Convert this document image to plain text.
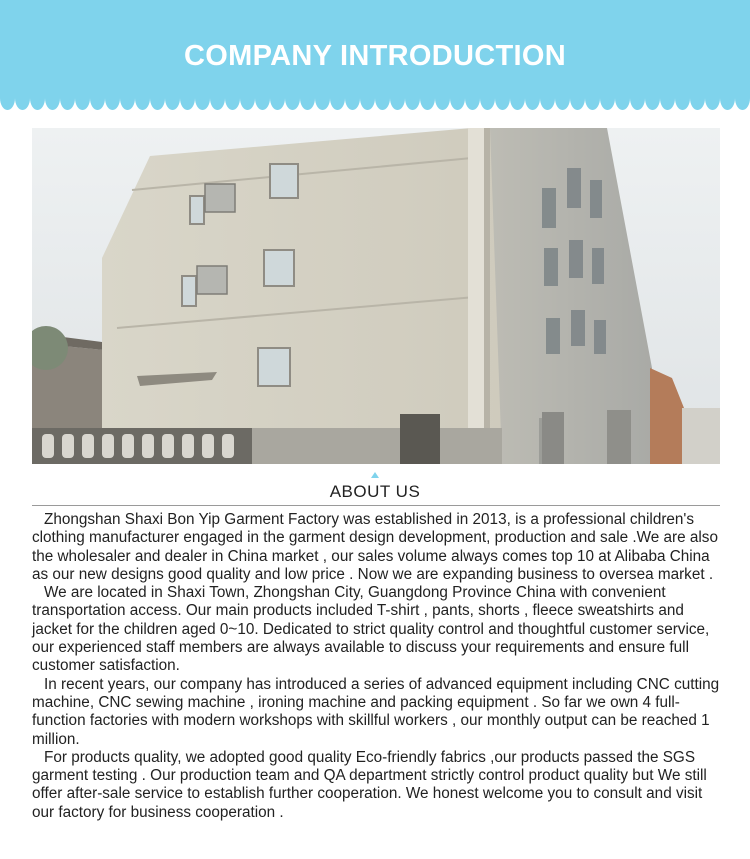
COMPANY INTRODUCTION
ABOUT US

Zhongshan Shaxi Bon Yip Garment Factory was established in 2013, is a professional children's clothing manufacturer engaged in the garment design development, production and sale .We are also the wholesaler and dealer in China market , our sales volume always comes top 10 at Alibaba China as our new designs good quality and low price . Now we are expanding business to oversea market .

We are located in Shaxi Town, Zhongshan City, Guangdong Province China with convenient transportation access. Our main products included T-shirt , pants, shorts , fleece sweatshirts and jacket for the children aged 0~10. Dedicated to strict quality control and thoughtful customer service, our experienced staff members are always available to discuss your requirements and ensure full customer satisfaction.

In recent years, our company has introduced a series of advanced equipment including CNC cutting machine, CNC sewing machine , ironing machine and packing equipment . So far we own 4 full-function factories with modern workshops with skillful workers , our monthly output can be reached 1 million.

For products quality, we adopted good quality Eco-friendly fabrics ,our products passed the SGS garment testing . Our production team and QA department strictly control product quality but We still offer after-sale service to establish further cooperation. We honest welcome you to consult and visit our factory for business cooperation .
